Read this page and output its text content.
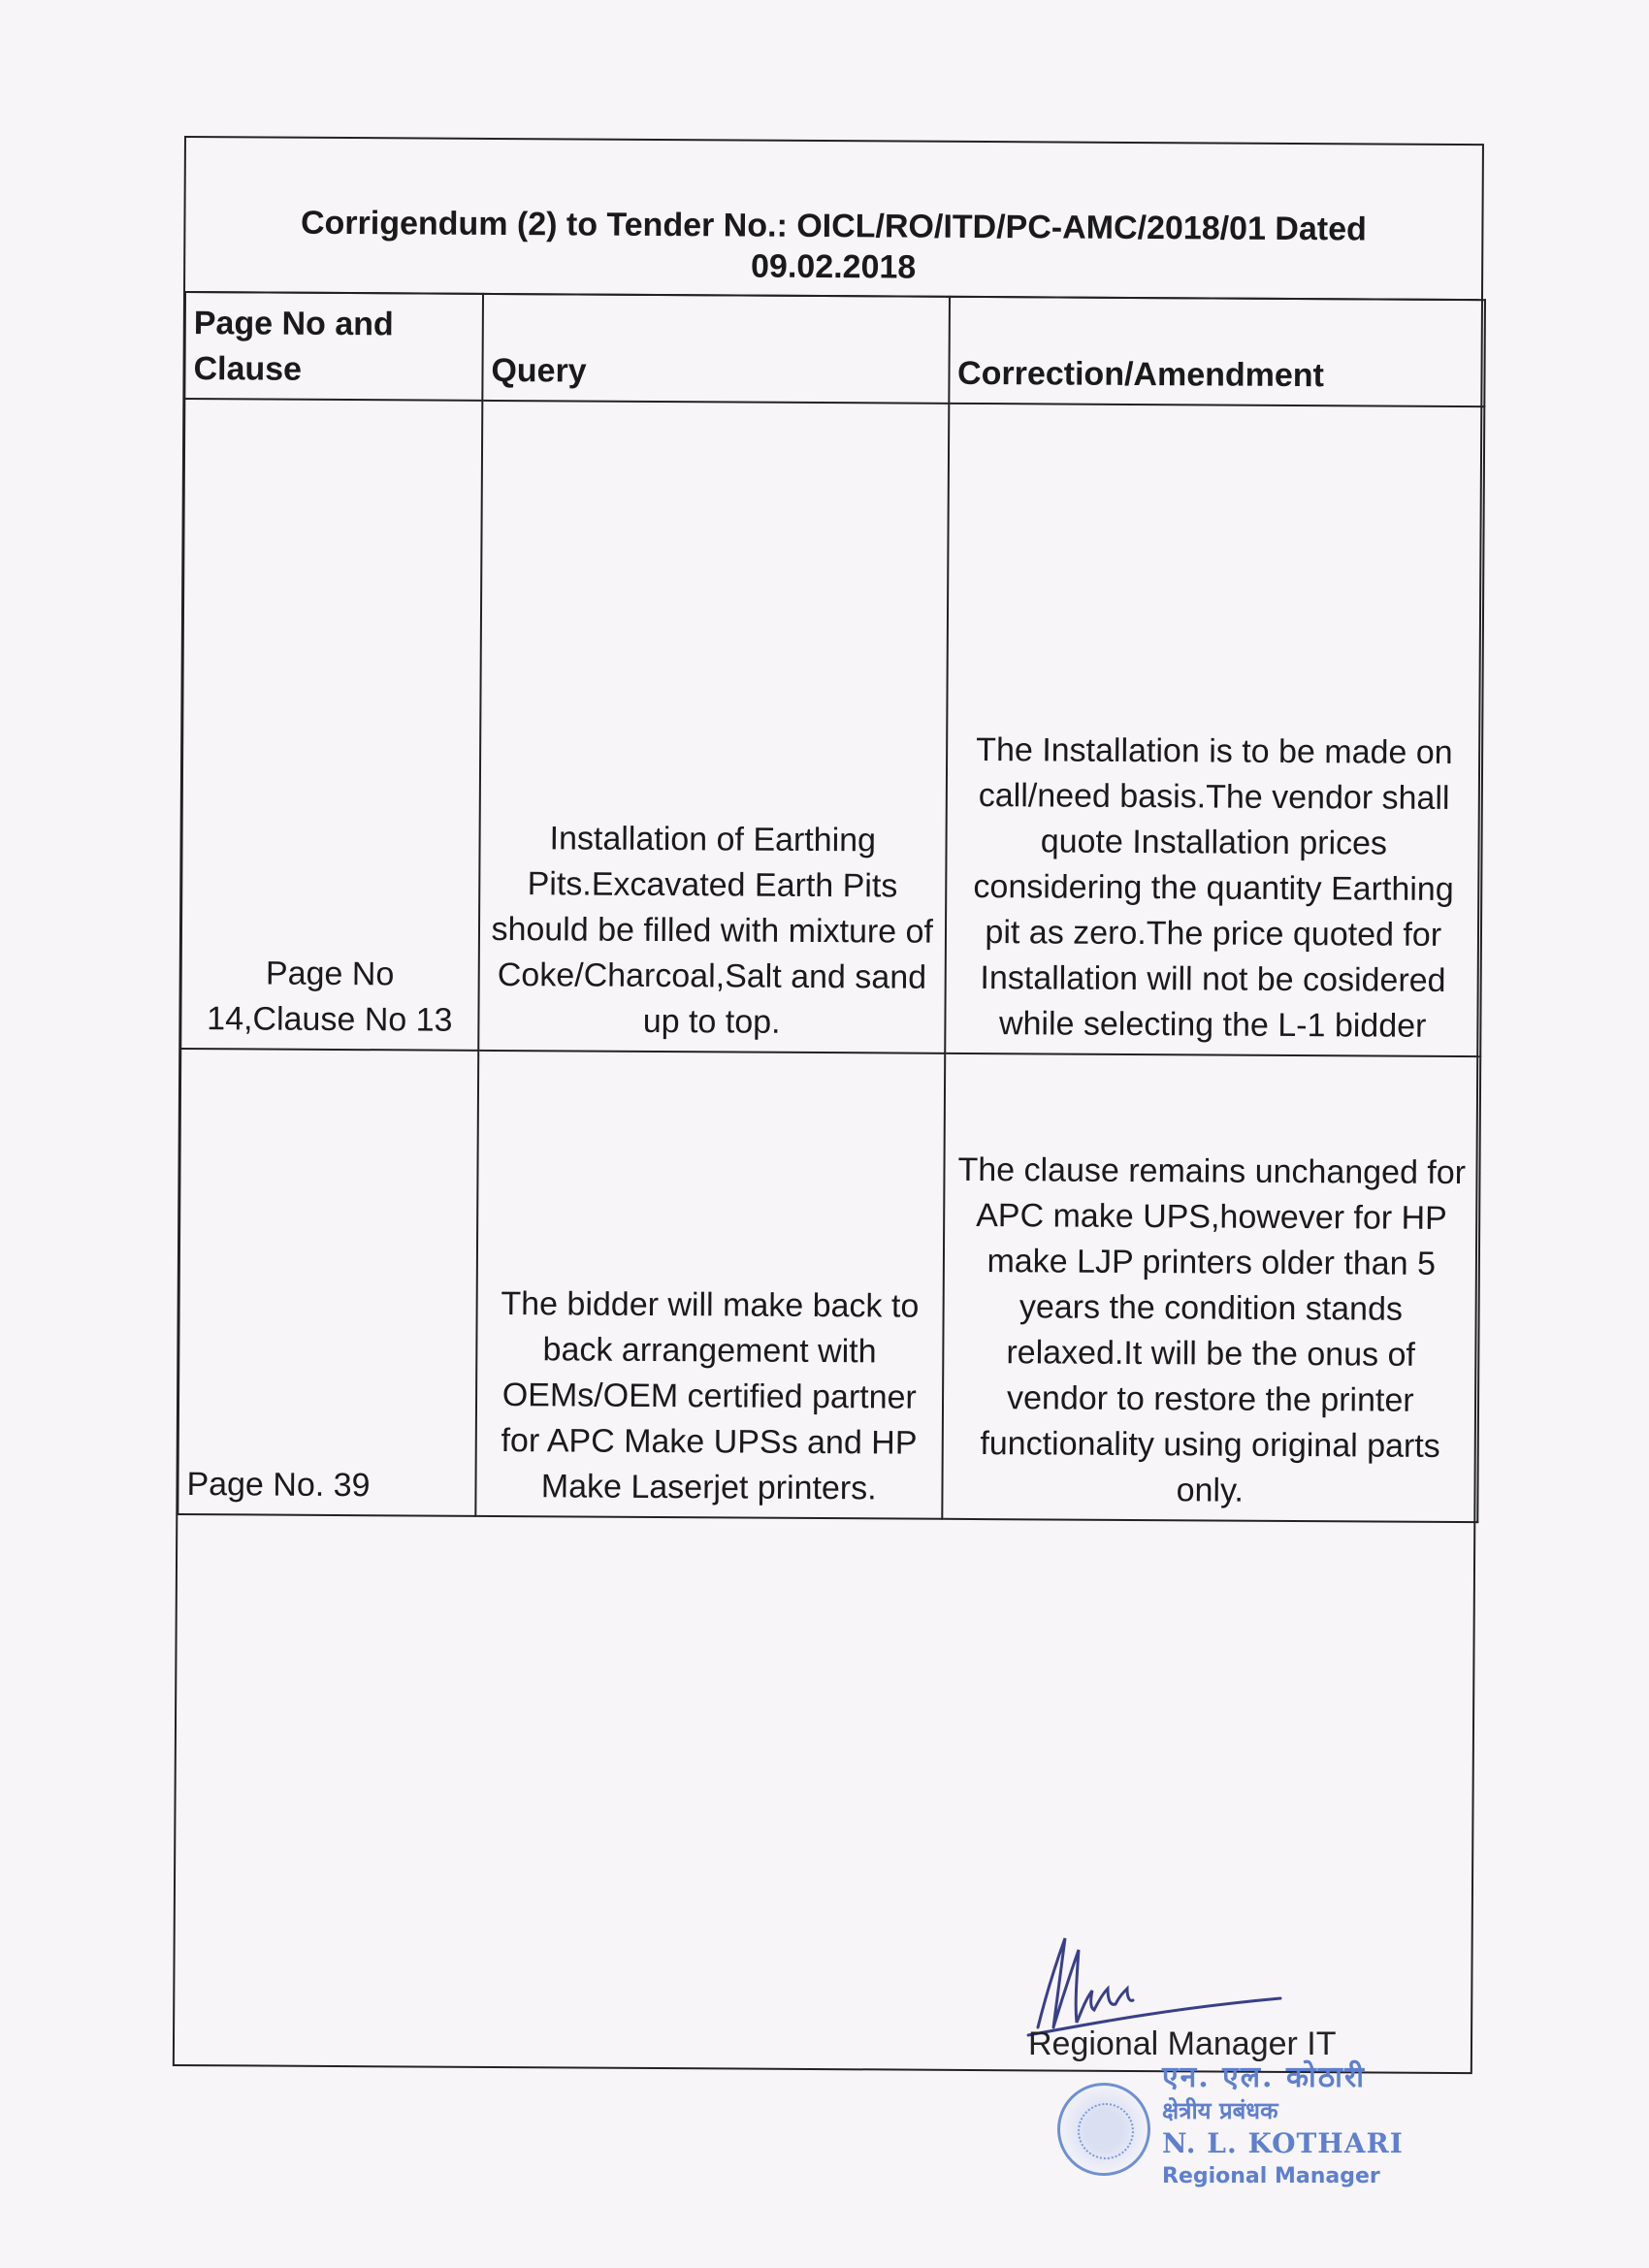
Corrigendum (2) to Tender No.: OICL/RO/ITD/PC-AMC/2018/01 Dated 09.02.2018
Page No and Clause	Query	Correction/Amendment
Page No 14,Clause No 13	Installation of Earthing Pits.Excavated Earth Pits should be filled with mixture of Coke/Charcoal,Salt and sand up to top.	The Installation is to be made on call/need basis.The vendor shall quote Installation prices considering the quantity Earthing pit as zero.The price quoted for Installation will not be cosidered while selecting the L-1 bidder
Page No. 39	The bidder will make back to back arrangement with OEMs/OEM certified partner for APC Make UPSs and HP Make Laserjet printers.	The clause remains unchanged for APC make UPS,however for HP make LJP printers older than 5 years the condition stands relaxed.It will be the onus of vendor to restore the printer functionality using original parts only.
Regional Manager IT
एन. एल. कोठारी
क्षेत्रीय प्रबंधक
N. L. KOTHARI
Regional Manager
